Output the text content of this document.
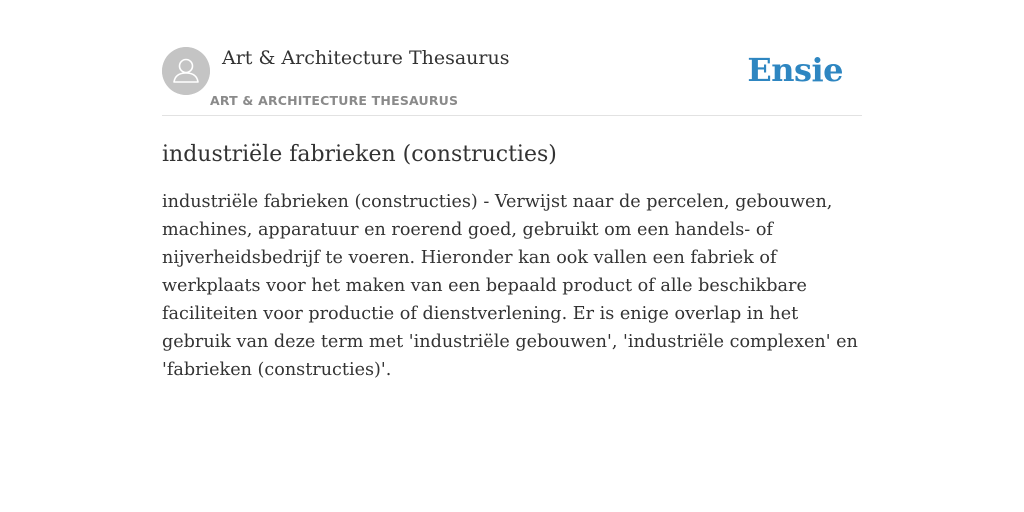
Art & Architecture Thesaurus
ART & ARCHITECTURE THESAURUS
Ensie
industriële fabrieken (constructies)

industriële fabrieken (constructies) - Verwijst naar de percelen, gebouwen, machines, apparatuur en roerend goed, gebruikt om een handels- of nijverheidsbedrijf te voeren. Hieronder kan ook vallen een fabriek of werkplaats voor het maken van een bepaald product of alle beschikbare faciliteiten voor productie of dienstverlening. Er is enige overlap in het gebruik van deze term met 'industriële gebouwen', 'industriële complexen' en 'fabrieken (constructies)'.
